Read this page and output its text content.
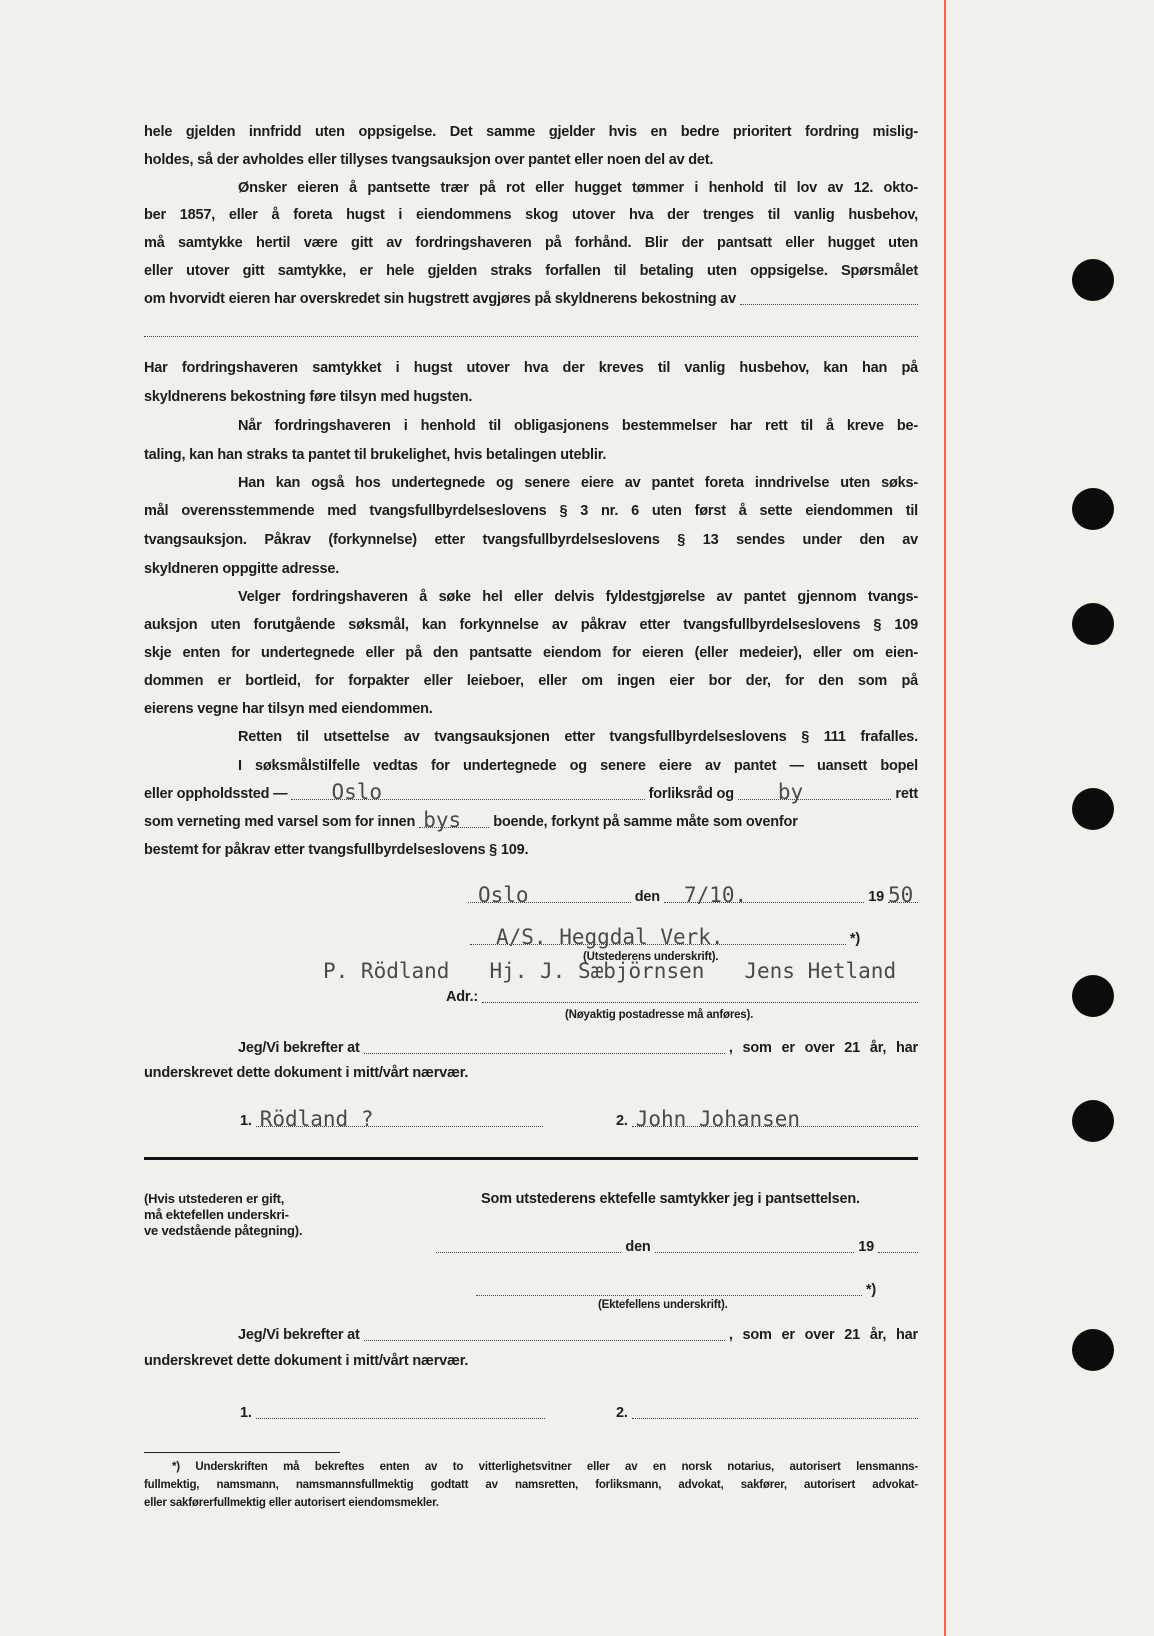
hele gjelden innfridd uten oppsigelse. Det samme gjelder hvis en bedre prioritert fordring mislig-
holdes, så der avholdes eller tillyses tvangsauksjon over pantet eller noen del av det.
Ønsker eieren å pantsette trær på rot eller hugget tømmer i henhold til lov av 12. okto-
ber 1857, eller å foreta hugst i eiendommens skog utover hva der trenges til vanlig husbehov,
må samtykke hertil være gitt av fordringshaveren på forhånd. Blir der pantsatt eller hugget uten
eller utover gitt samtykke, er hele gjelden straks forfallen til betaling uten oppsigelse. Spørsmålet
om hvorvidt eieren har overskredet sin hugstrett avgjøres på skyldnerens bekostning av
Har fordringshaveren samtykket i hugst utover hva der kreves til vanlig husbehov, kan han på
skyldnerens bekostning føre tilsyn med hugsten.
Når fordringshaveren i henhold til obligasjonens bestemmelser har rett til å kreve be-
taling, kan han straks ta pantet til brukelighet, hvis betalingen uteblir.
Han kan også hos undertegnede og senere eiere av pantet foreta inndrivelse uten søks-
mål overensstemmende med tvangsfullbyrdelseslovens § 3 nr. 6 uten først å sette eiendommen til
tvangsauksjon. Påkrav (forkynnelse) etter tvangsfullbyrdelseslovens § 13 sendes under den av
skyldneren oppgitte adresse.
Velger fordringshaveren å søke hel eller delvis fyldestgjørelse av pantet gjennom tvangs-
auksjon uten forutgående søksmål, kan forkynnelse av påkrav etter tvangsfullbyrdelseslovens § 109
skje enten for undertegnede eller på den pantsatte eiendom for eieren (eller medeier), eller om eien-
dommen er bortleid, for forpakter eller leieboer, eller om ingen eier bor der, for den som på
eierens vegne har tilsyn med eiendommen.
Retten til utsettelse av tvangsauksjonen etter tvangsfullbyrdelseslovens § 111 frafalles.
I søksmålstilfelle vedtas for undertegnede og senere eiere av pantet — uansett bopel
eller oppholdssted — Oslo	forliksråd og by	rett
som verneting med varsel som for innen bys boende, forkynt på samme måte som ovenfor
bestemt for påkrav etter tvangsfullbyrdelseslovens § 109.
Oslo	den 7/10.	19 50
A/S. Heggdal Verk.	*)
(Utstederens underskrift).
P. Rödland Hj. J. Sæbjörnsen Jens Hetland
Adr.:
(Nøyaktig postadresse må anføres).
Jeg/Vi bekrefter at	, som er over 21 år, har
underskrevet dette dokument i mitt/vårt nærvær.
1. Rödland ?	2. John Johansen
(Hvis utstederen er gift,
må ektefellen underskri-
ve vedstående påtegning).
Som utstederens ektefelle samtykker jeg i pantsettelsen.
den	19
*)
(Ektefellens underskrift).
Jeg/Vi bekrefter at	, som er over 21 år, har
underskrevet dette dokument i mitt/vårt nærvær.
1.	2.
*) Underskriften må bekreftes enten av to vitterlighetsvitner eller av en norsk notarius, autorisert lensmanns-
fullmektig, namsmann, namsmannsfullmektig godtatt av namsretten, forliksmann, advokat, sakfører, autorisert advokat-
eller sakførerfullmektig eller autorisert eiendomsmekler.
